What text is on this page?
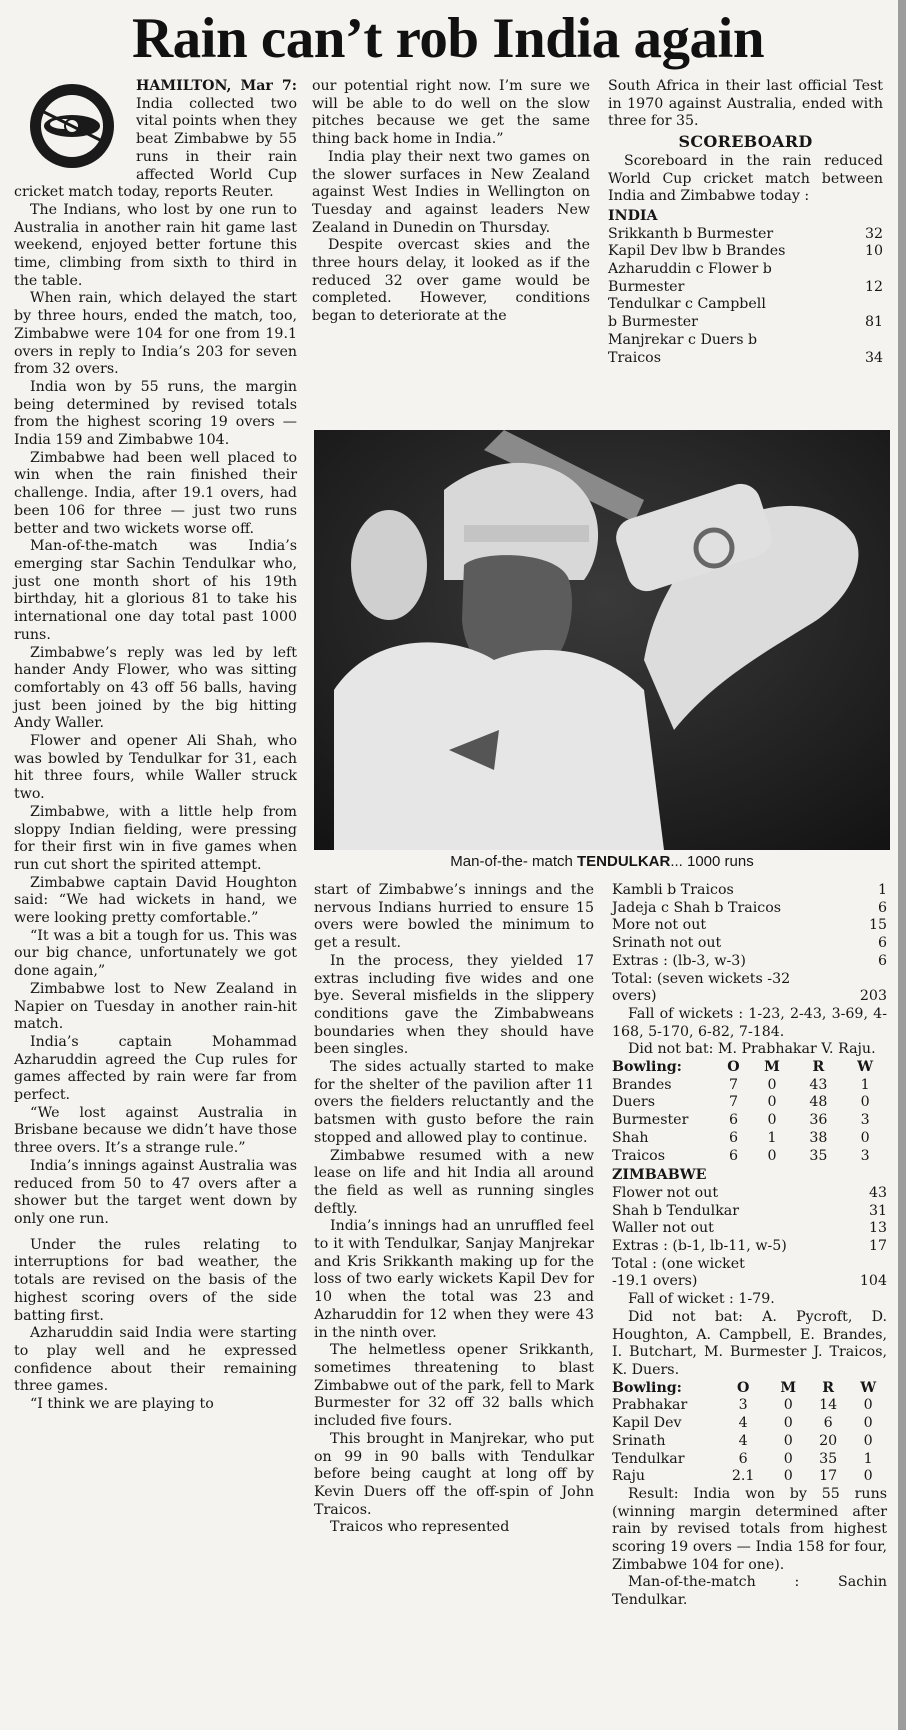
Rain can’t rob India again

HAMILTON, Mar 7: India collected two vital points when they beat Zimbabwe by 55 runs in their rain affected World Cup cricket match today, reports Reuter.

The Indians, who lost by one run to Australia in another rain hit game last weekend, enjoyed better fortune this time, climbing from sixth to third in the table.

When rain, which delayed the start by three hours, ended the match, too, Zimbabwe were 104 for one from 19.1 overs in reply to India’s 203 for seven from 32 overs.

India won by 55 runs, the margin being determined by revised totals from the highest scoring 19 overs — India 159 and Zimbabwe 104.

Zimbabwe had been well placed to win when the rain finished their challenge. India, after 19.1 overs, had been 106 for three — just two runs better and two wickets worse off.

Man-of-the-match was India’s emerging star Sachin Tendulkar who, just one month short of his 19th birthday, hit a glorious 81 to take his international one day total past 1000 runs.

Zimbabwe’s reply was led by left hander Andy Flower, who was sitting comfortably on 43 off 56 balls, having just been joined by the big hitting Andy Waller.

Flower and opener Ali Shah, who was bowled by Tendulkar for 31, each hit three fours, while Waller struck two.

Zimbabwe, with a little help from sloppy Indian fielding, were pressing for their first win in five games when run cut short the spirited attempt.

Zimbabwe captain David Houghton said: “We had wickets in hand, we were looking pretty comfortable.”

“It was a bit a tough for us. This was our big chance, unfortunately we got done again,”

Zimbabwe lost to New Zealand in Napier on Tuesday in another rain-hit match.

India’s captain Mohammad Azharuddin agreed the Cup rules for games affected by rain were far from perfect.

“We lost against Australia in Brisbane because we didn’t have those three overs. It’s a strange rule.”

India’s innings against Australia was reduced from 50 to 47 overs after a shower but the target went down by only one run.

Under the rules relating to interruptions for bad weather, the totals are revised on the basis of the highest scoring overs of the side batting first.

Azharuddin said India were starting to play well and he expressed confidence about their remaining three games.

“I think we are playing to

our potential right now. I’m sure we will be able to do well on the slow pitches because we get the same thing back home in India.”

India play their next two games on the slower surfaces in New Zealand against West Indies in Wellington on Tuesday and against leaders New Zealand in Dunedin on Thursday.

Despite overcast skies and the three hours delay, it looked as if the reduced 32 over game would be completed. However, conditions began to deteriorate at the

South Africa in their last official Test in 1970 against Australia, ended with three for 35.

SCOREBOARD

Scoreboard in the rain reduced World Cup cricket match between India and Zimbabwe today :

INDIA
Srikkanth b Burmester	32
Kapil Dev lbw b Brandes	10
Azharuddin c Flower b
Burmester	12
Tendulkar c Campbell
b Burmester	81
Manjrekar c Duers b
Traicos	34
Man-of-the- match TENDULKAR... 1000 runs

start of Zimbabwe’s innings and the nervous Indians hurried to ensure 15 overs were bowled the minimum to get a result.

In the process, they yielded 17 extras including five wides and one bye. Several misfields in the slippery conditions gave the Zimbabweans boundaries when they should have been singles.

The sides actually started to make for the shelter of the pavilion after 11 overs the fielders reluctantly and the batsmen with gusto before the rain stopped and allowed play to continue.

Zimbabwe resumed with a new lease on life and hit India all around the field as well as running singles deftly.

India’s innings had an unruffled feel to it with Tendulkar, Sanjay Manjrekar and Kris Srikkanth making up for the loss of two early wickets Kapil Dev for 10 when the total was 23 and Azharuddin for 12 when they were 43 in the ninth over.

The helmetless opener Srikkanth, sometimes threatening to blast Zimbabwe out of the park, fell to Mark Burmester for 32 off 32 balls which included five fours.

This brought in Manjrekar, who put on 99 in 90 balls with Tendulkar before being caught at long off by Kevin Duers off the off-spin of John Traicos.

Traicos who represented

Kambli b Traicos	1
Jadeja c Shah b Traicos	6
More not out	15
Srinath not out	6
Extras : (lb-3, w-3)	6
Total: (seven wickets -32
overs)	203

Fall of wickets : 1-23, 2-43, 3-69, 4-168, 5-170, 6-82, 7-184.

Did not bat: M. Prabhakar V. Raju.

Bowling:	O	M	R	W
Brandes	7	0	43	1
Duers	7	0	48	0
Burmester	6	0	36	3
Shah	6	1	38	0
Traicos	6	0	35	3
ZIMBABWE
Flower not out	43
Shah b Tendulkar	31
Waller not out	13
Extras : (b-1, lb-11, w-5)	17
Total : (one wicket
-19.1 overs)	104

Fall of wicket : 1-79.

Did not bat: A. Pycroft, D. Houghton, A. Campbell, E. Brandes, I. Butchart, M. Burmester J. Traicos, K. Duers.

Bowling:	O	M	R	W
Prabhakar	3	0	14	0
Kapil Dev	4	0	6	0
Srinath	4	0	20	0
Tendulkar	6	0	35	1
Raju	2.1	0	17	0

Result: India won by 55 runs (winning margin determined after rain by revised totals from highest scoring 19 overs — India 158 for four, Zimbabwe 104 for one).

Man-of-the-match : Sachin Tendulkar.
